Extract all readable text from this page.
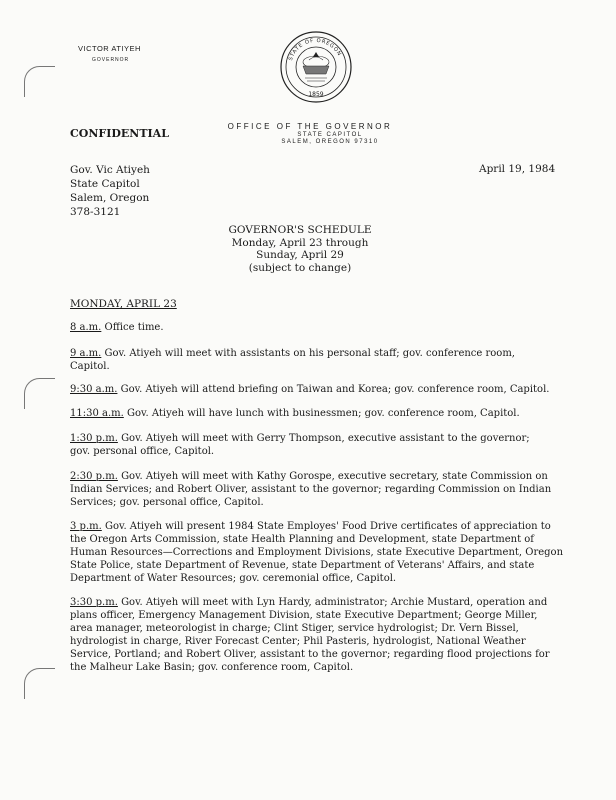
VICTOR ATIYEH
GOVERNOR	STATE OF OREGON
1859
CONFIDENTIAL
OFFICE OF THE GOVERNOR
STATE CAPITOL
SALEM, OREGON 97310
Gov. Vic Atiyeh
State Capitol
Salem, Oregon
378-3121
April 19, 1984
GOVERNOR'S SCHEDULE
Monday, April 23 through
Sunday, April 29
(subject to change)
MONDAY, APRIL 23
8 a.m. Office time.
9 a.m. Gov. Atiyeh will meet with assistants on his personal staff; gov. conference room,
Capitol.
9:30 a.m. Gov. Atiyeh will attend briefing on Taiwan and Korea; gov. conference room, Capitol.
11:30 a.m. Gov. Atiyeh will have lunch with businessmen; gov. conference room, Capitol.
1:30 p.m. Gov. Atiyeh will meet with Gerry Thompson, executive assistant to the governor;
gov. personal office, Capitol.
2:30 p.m. Gov. Atiyeh will meet with Kathy Gorospe, executive secretary, state Commission on
Indian Services; and Robert Oliver, assistant to the governor; regarding Commission on Indian
Services; gov. personal office, Capitol.
3 p.m. Gov. Atiyeh will present 1984 State Employes' Food Drive certificates of appreciation to
the Oregon Arts Commission, state Health Planning and Development, state Department of
Human Resources—Corrections and Employment Divisions, state Executive Department, Oregon
State Police, state Department of Revenue, state Department of Veterans' Affairs, and state
Department of Water Resources; gov. ceremonial office, Capitol.
3:30 p.m. Gov. Atiyeh will meet with Lyn Hardy, administrator; Archie Mustard, operation and
plans officer, Emergency Management Division, state Executive Department; George Miller,
area manager, meteorologist in charge; Clint Stiger, service hydrologist; Dr. Vern Bissel,
hydrologist in charge, River Forecast Center; Phil Pasteris, hydrologist, National Weather
Service, Portland; and Robert Oliver, assistant to the governor; regarding flood projections for
the Malheur Lake Basin; gov. conference room, Capitol.
